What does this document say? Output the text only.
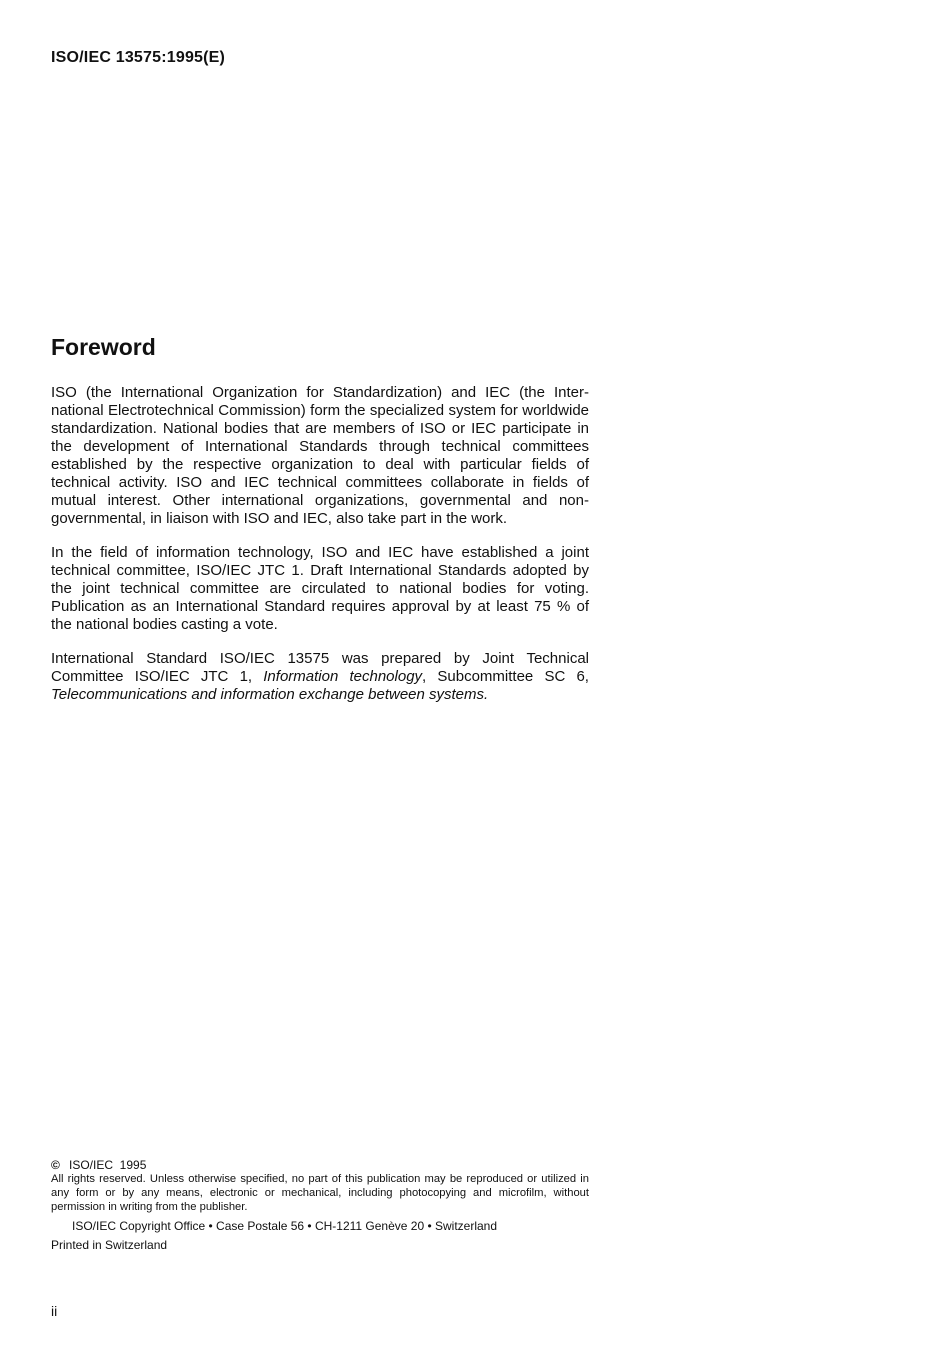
ISO/IEC 13575:1995(E)
Foreword

ISO (the International Organization for Standardization) and IEC (the International Electrotechnical Commission) form the specialized system for worldwide standardization. National bodies that are members of ISO or IEC participate in the development of International Standards through technical committees established by the respective organization to deal with particular fields of technical activity. ISO and IEC technical committees collaborate in fields of mutual interest. Other international organizations, governmental and non-governmental, in liaison with ISO and IEC, also take part in the work.

In the field of information technology, ISO and IEC have established a joint technical committee, ISO/IEC JTC 1. Draft International Standards adopted by the joint technical committee are circulated to national bodies for voting. Publication as an International Standard requires approval by at least 75 % of the national bodies casting a vote.

International Standard ISO/IEC 13575 was prepared by Joint Technical Committee ISO/IEC JTC 1, Information technology, Subcommittee SC 6, Telecommunications and information exchange between systems.

© ISO/IEC  1995
All rights reserved. Unless otherwise specified, no part of this publication may be reproduced or utilized in any form or by any means, electronic or mechanical, including photocopying and microfilm, without permission in writing from the publisher.
ISO/IEC Copyright Office • Case Postale 56 • CH-1211 Genève 20 • Switzerland
Printed in Switzerland
ii
